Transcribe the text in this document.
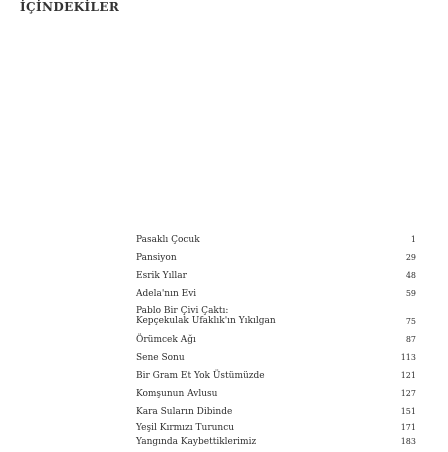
İÇİNDEKİLER
Pasaklı Çocuk	1
Pansiyon	29
Esrik Yıllar	48
Adela'nın Evi	59
Pablo Bir Çivi Çaktı:
Kepçekulak Ufaklık'ın Yıkılgan	75
Örümcek Ağı	87
Sene Sonu	113
Bir Gram Et Yok Üstümüzde	121
Komşunun Avlusu	127
Kara Suların Dibinde	151
Yeşil Kırmızı Turuncu	171
Yangında Kaybettiklerimiz	183
